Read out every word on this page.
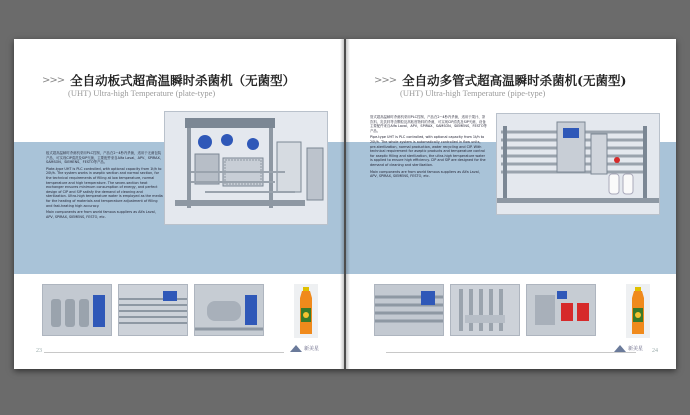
>>> 全自动板式超高温瞬时杀菌机（无菌型）
(UHT) Ultra-high Temperature (plate-type)

板式超高温瞬时杀菌机采用PLC控制，产品在2~4秒内杀菌，适用于无菌包装产品，可实现CIP清洗及SIP灭菌，主要配件来自Alfa Laval、APV、SPIRAX、SAMSON、SIEMENS、FESTO等产品。

Plate-type UHT is PLC controlled, with optional capacity from 1t/h to 20t/h. The system works in aseptic section and normal section, for the technical requirements of filling at low temperature, normal temperature and high temperature. The seven-section heat exchanger ensures minimum consumption of energy, and perfect design of CIP and SIP satisfy the demand of cleaning and sterilization. Ultra-high temperature water is employed as the media for the heating of materials and temperature adjustment of filling and fast-heating high accuracy.

Main components are from world famous suppliers as Alfa Laval, APV, SPIRAX, SIEMENS, FESTO, etc.

23	新美星
>>> 全自动多管式超高温瞬时杀菌机(无菌型)
(UHT) Ultra-high Temperature (pipe-type)

管式超高温瞬时杀菌机采用PLC控制，产品在2~4秒内杀菌，适用于果汁、茶饮料、乳饮料等含颗粒及高粘度物料的杀菌，可实现CIP清洗及SIP灭菌，设备主要配件来自Alfa Laval、APV、SPIRAX、SAMSON、SIEMENS、FESTO等产品。

Pipe-type UHT is PLC controlled, with optional capacity from 1t/h to 20t/h. The whole system is automatically controlled in flow units, pre-sterilization, normal production, water recycling and CIP. With technical requirement for aseptic products and temperature control for aseptic filling and sterilization, the ultra-high temperature water is applied to ensure high efficiency. CIP and SIP are designed for the demand of cleaning and sterilization.

Main components are from world famous suppliers as Alfa Laval, APV, SPIRAX, SIEMENS, FESTO, etc.

新美星 24
